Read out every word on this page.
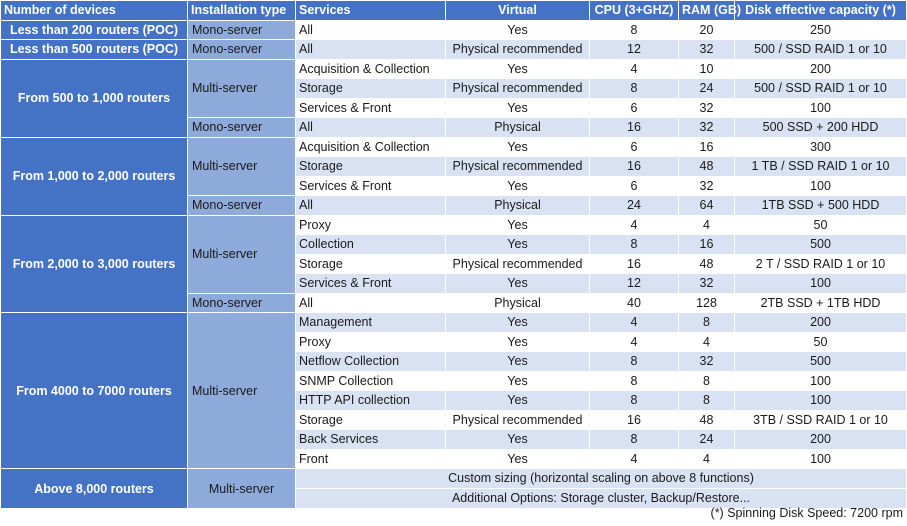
Number of devices	Installation type	Services	Virtual	CPU (3+GHZ)	RAM (GB)	Disk effective capacity (*)
Less than 200 routers (POC)	Mono-server	All	Yes	8	20	250
Less than 500 routers (POC)	Mono-server	All	Physical recommended	12	32	500 / SSD RAID 1 or 10
From 500 to 1,000 routers	Multi-server	Acquisition & Collection	Yes	4	10	200
		Storage	Physical recommended	8	24	500 / SSD RAID 1 or 10
		Services & Front	Yes	6	32	100
	Mono-server	All	Physical	16	32	500 SSD + 200 HDD
From 1,000 to 2,000 routers	Multi-server	Acquisition & Collection	Yes	6	16	300
		Storage	Physical recommended	16	48	1 TB / SSD RAID 1 or 10
		Services & Front	Yes	6	32	100
	Mono-server	All	Physical	24	64	1TB SSD + 500 HDD
From 2,000 to 3,000 routers	Multi-server	Proxy	Yes	4	4	50
		Collection	Yes	8	16	500
		Storage	Physical recommended	16	48	2 T / SSD RAID 1 or 10
		Services & Front	Yes	12	32	100
	Mono-server	All	Physical	40	128	2TB SSD + 1TB HDD
From 4000 to 7000 routers	Multi-server	Management	Yes	4	8	200
		Proxy	Yes	4	4	50
		Netflow Collection	Yes	8	32	500
		SNMP Collection	Yes	8	8	100
		HTTP API collection	Yes	8	8	100
		Storage	Physical recommended	16	48	3TB / SSD RAID 1 or 10
		Back Services	Yes	8	24	200
		Front	Yes	4	4	100
Above 8,000 routers	Multi-server	Custom sizing (horizontal scaling on above 8 functions)				
		Additional Options: Storage cluster, Backup/Restore...				
(*) Spinning Disk Speed: 7200 rpm
